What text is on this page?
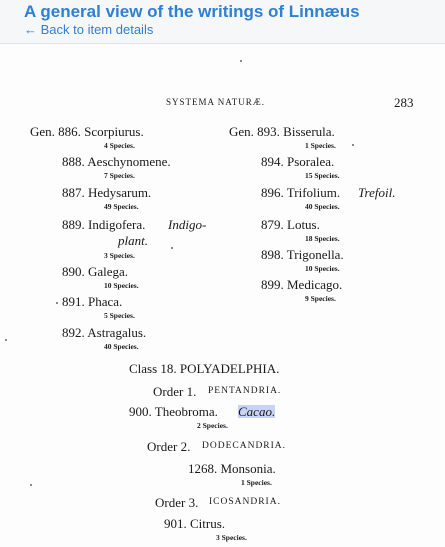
A general view of the writings of Linnæus
← Back to item details
SYSTEMA NATURÆ.	283
Gen. 886. Scorpiurus.
4 Species.
888. Aeschynomene.
7 Species.
887. Hedysarum.
49 Species.
889. Indigofera. Indigo-
plant.
3 Species.
890. Galega.
10 Species.
891. Phaca.
5 Species.
892. Astragalus.
40 Species.
Gen. 893. Bisserula.
1 Species.
894. Psoralea.
15 Species.
896. Trifolium. Trefoil.
40 Species.
879. Lotus.
18 Species.
898. Trigonella.
10 Species.
899. Medicago.
9 Species.
Class 18. POLYADELPHIA.
Order 1. PENTANDRIA.
900. Theobroma. Cacao.
2 Species.
Order 2. DODECANDRIA.
1268. Monsonia.
1 Species.
Order 3. ICOSANDRIA.
901. Citrus.
3 Species.
